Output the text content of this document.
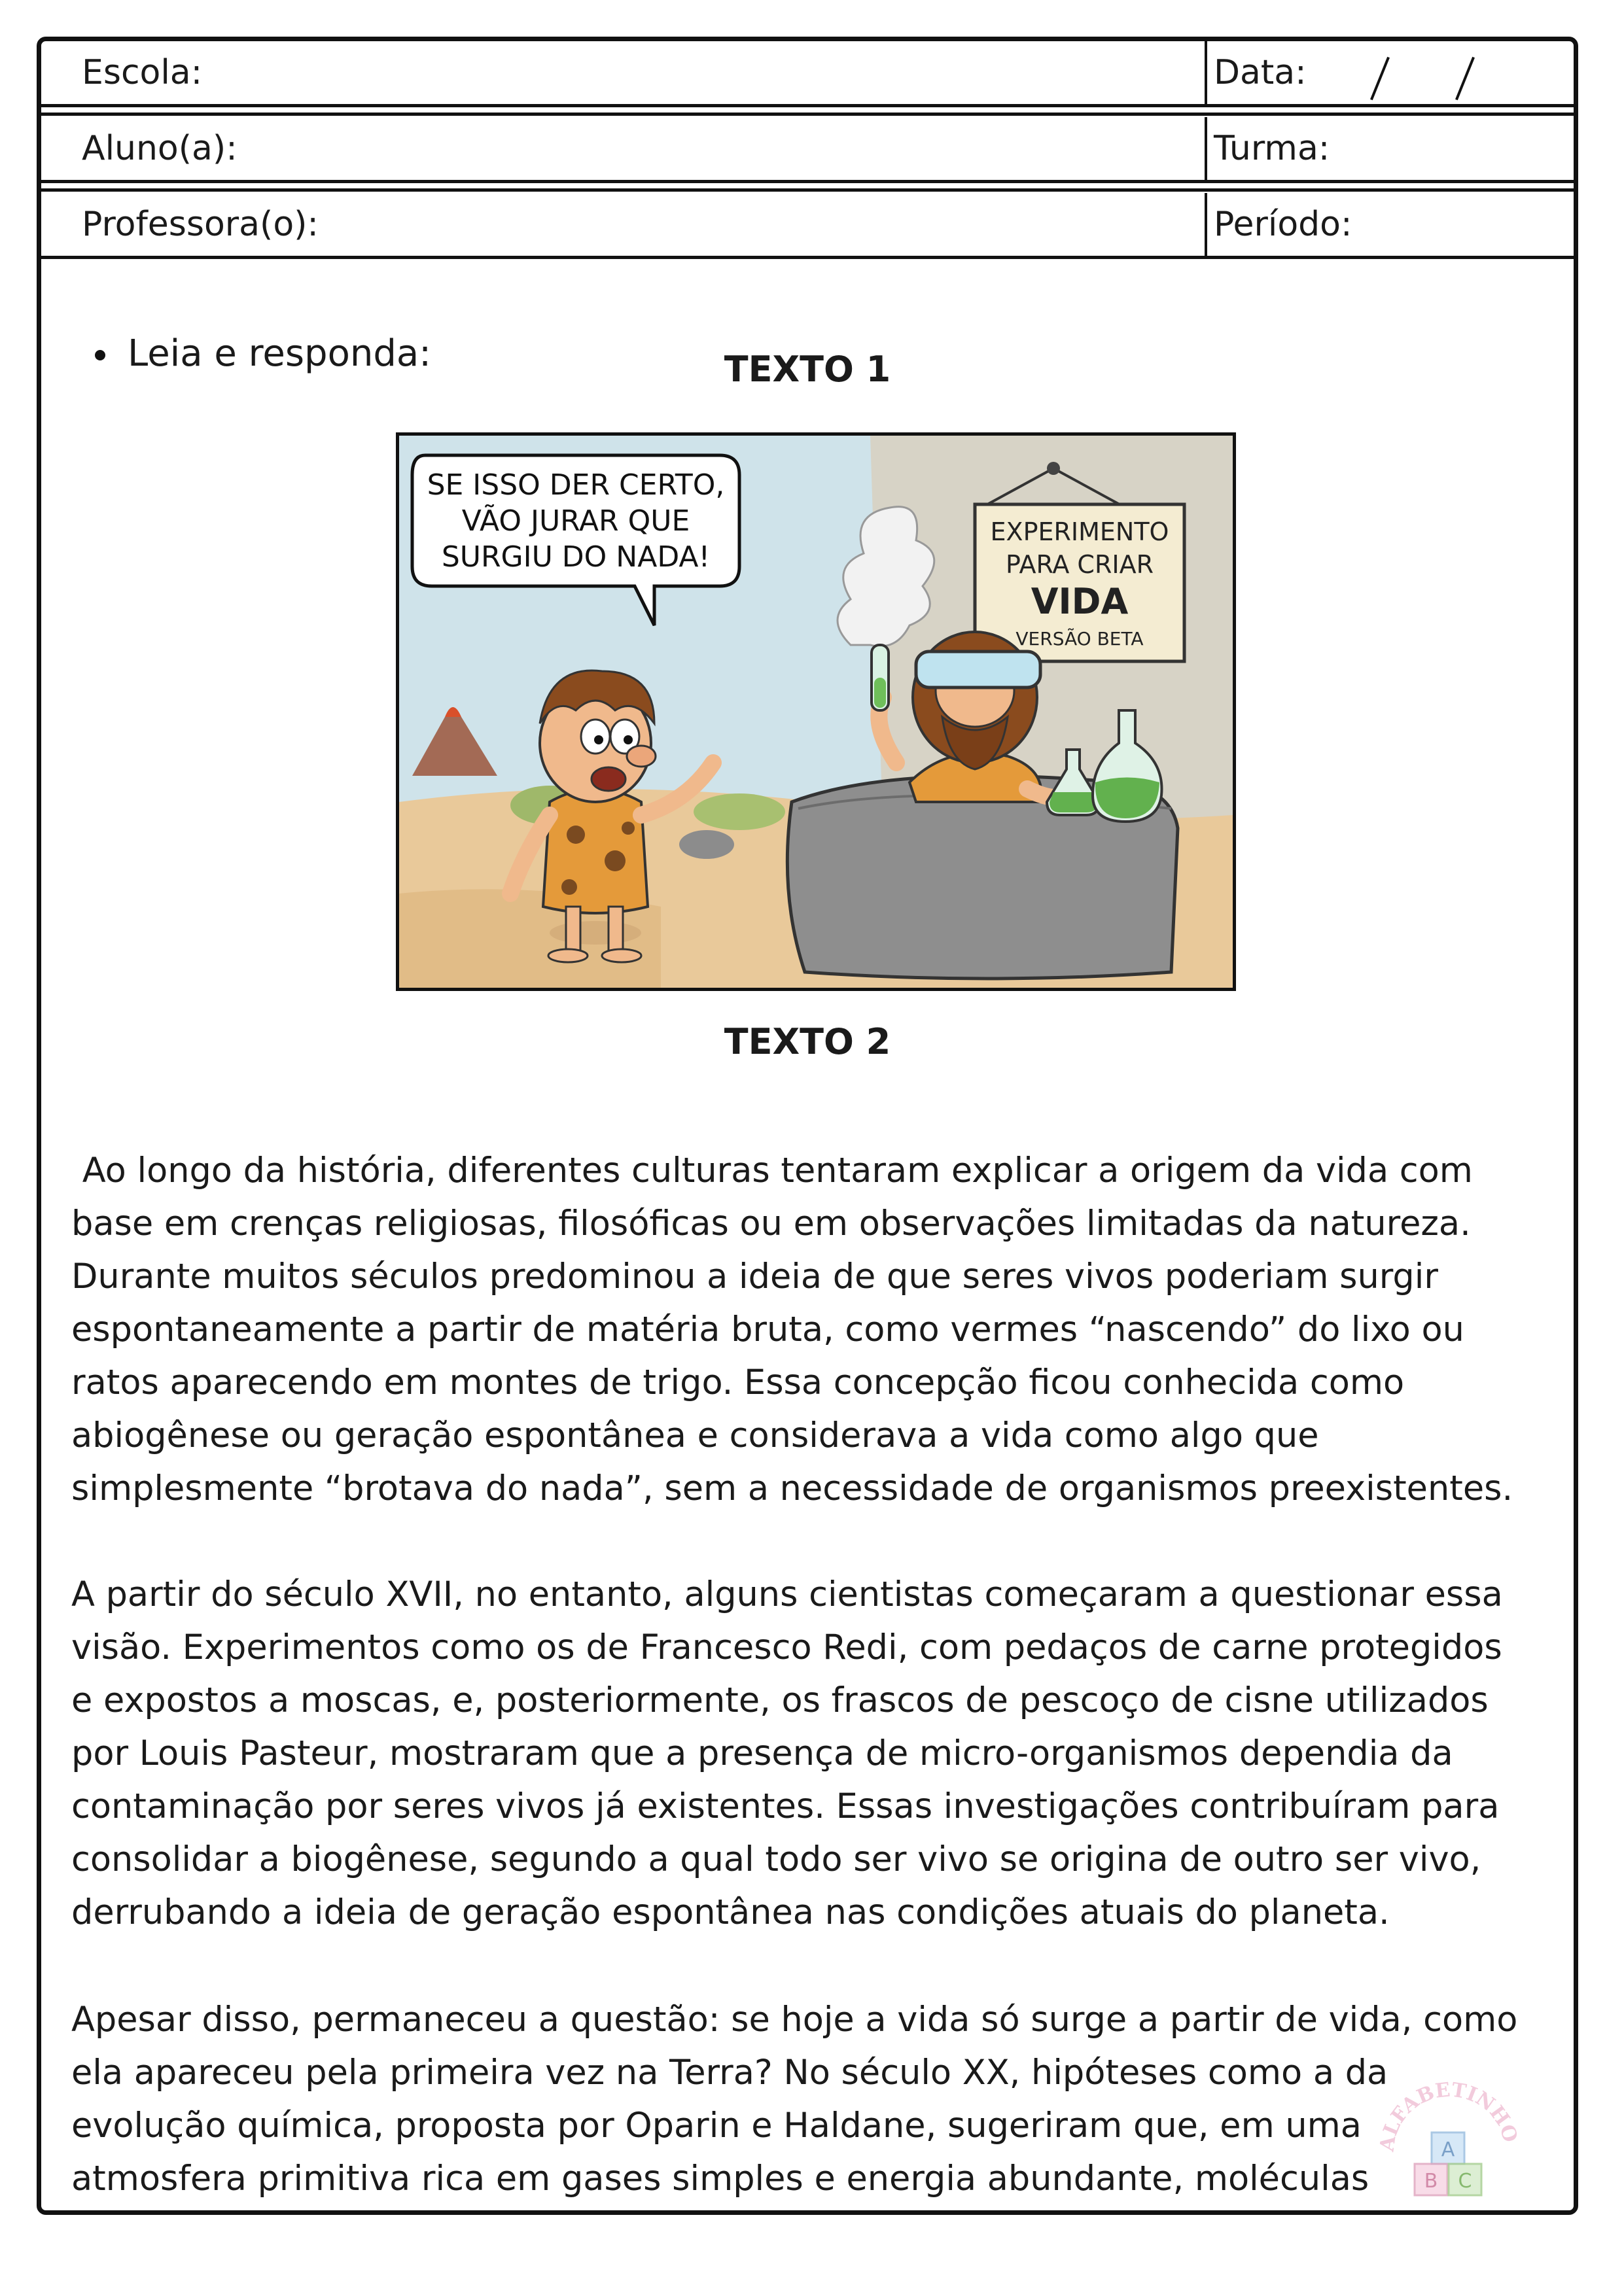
Escola:	Data:
Aluno(a):	Turma:
Professora(o):	Período:
Leia e responda:	TEXTO 1
SE ISSO DER CERTO,
VÃO JURAR QUE
SURGIU DO NADA!
EXPERIMENTO
PARA CRIAR
VIDA
VERSÃO BETA
TEXTO 2
Ao longo da história, diferentes culturas tentaram explicar a origem da vida com
base em crenças religiosas, filosóficas ou em observações limitadas da natureza.
Durante muitos séculos predominou a ideia de que seres vivos poderiam surgir
espontaneamente a partir de matéria bruta, como vermes “nascendo” do lixo ou
ratos aparecendo em montes de trigo. Essa concepção ficou conhecida como
abiogênese ou geração espontânea e considerava a vida como algo que
simplesmente “brotava do nada”, sem a necessidade de organismos preexistentes.
A partir do século XVII, no entanto, alguns cientistas começaram a questionar essa
visão. Experimentos como os de Francesco Redi, com pedaços de carne protegidos
e expostos a moscas, e, posteriormente, os frascos de pescoço de cisne utilizados
por Louis Pasteur, mostraram que a presença de micro-organismos dependia da
contaminação por seres vivos já existentes. Essas investigações contribuíram para
consolidar a biogênese, segundo a qual todo ser vivo se origina de outro ser vivo,
derrubando a ideia de geração espontânea nas condições atuais do planeta.
Apesar disso, permaneceu a questão: se hoje a vida só surge a partir de vida, como
ela apareceu pela primeira vez na Terra? No século XX, hipóteses como a da
evolução química, proposta por Oparin e Haldane, sugeriram que, em uma
atmosfera primitiva rica em gases simples e energia abundante, moléculas
ALFABETINHO
A
B C
